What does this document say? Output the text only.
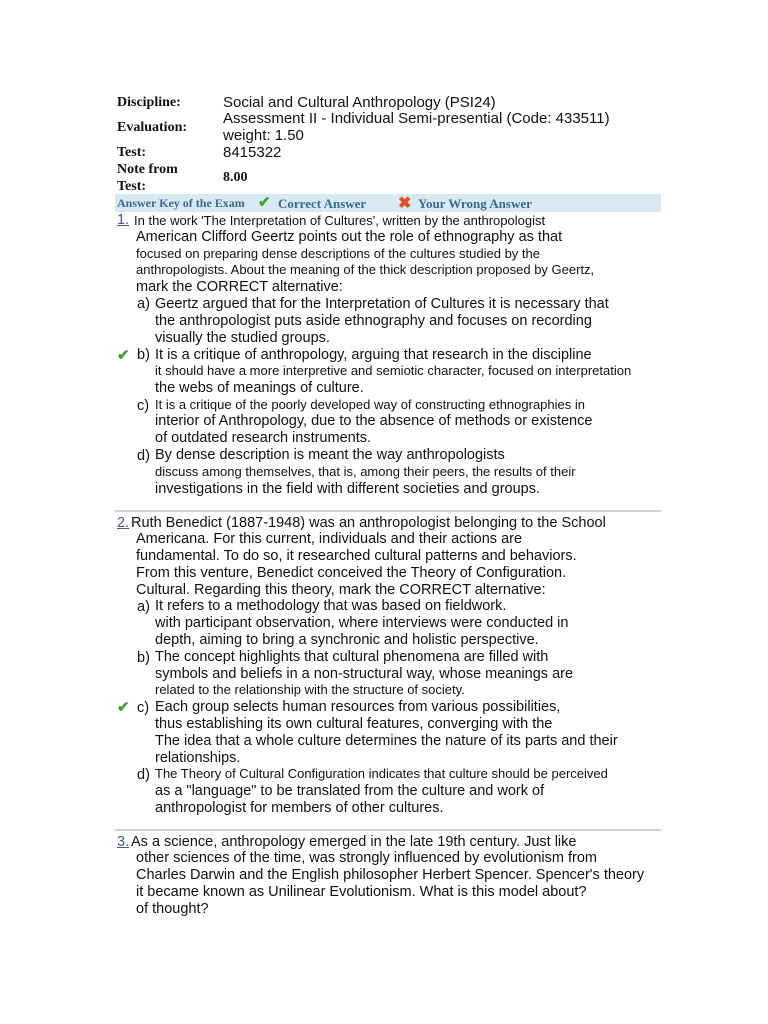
Discipline:	Social and Cultural Anthropology (PSI24)
Evaluation:
Assessment II - Individual Semi-presential (Code: 433511)
weight: 1.50
Test:	8415322
Note from
Test:
8.00
Answer Key of the Exam ✔ Correct Answer ✖ Your Wrong Answer
1. In the work 'The Interpretation of Cultures', written by the anthropologist
American Clifford Geertz points out the role of ethnography as that
focused on preparing dense descriptions of the cultures studied by the
anthropologists. About the meaning of the thick description proposed by Geertz,
mark the CORRECT alternative:
a) Geertz argued that for the Interpretation of Cultures it is necessary that
the anthropologist puts aside ethnography and focuses on recording
visually the studied groups.
✔ b) It is a critique of anthropology, arguing that research in the discipline
it should have a more interpretive and semiotic character, focused on interpretation
the webs of meanings of culture.
c) It is a critique of the poorly developed way of constructing ethnographies in
interior of Anthropology, due to the absence of methods or existence
of outdated research instruments.
d) By dense description is meant the way anthropologists
discuss among themselves, that is, among their peers, the results of their
investigations in the field with different societies and groups.
2. Ruth Benedict (1887-1948) was an anthropologist belonging to the School
Americana. For this current, individuals and their actions are
fundamental. To do so, it researched cultural patterns and behaviors.
From this venture, Benedict conceived the Theory of Configuration.
Cultural. Regarding this theory, mark the CORRECT alternative:
a) It refers to a methodology that was based on fieldwork.
with participant observation, where interviews were conducted in
depth, aiming to bring a synchronic and holistic perspective.
b) The concept highlights that cultural phenomena are filled with
symbols and beliefs in a non-structural way, whose meanings are
related to the relationship with the structure of society.
✔ c) Each group selects human resources from various possibilities,
thus establishing its own cultural features, converging with the
The idea that a whole culture determines the nature of its parts and their
relationships.
d) The Theory of Cultural Configuration indicates that culture should be perceived
as a "language" to be translated from the culture and work of
anthropologist for members of other cultures.
3. As a science, anthropology emerged in the late 19th century. Just like
other sciences of the time, was strongly influenced by evolutionism from
Charles Darwin and the English philosopher Herbert Spencer. Spencer's theory
it became known as Unilinear Evolutionism. What is this model about?
of thought?
